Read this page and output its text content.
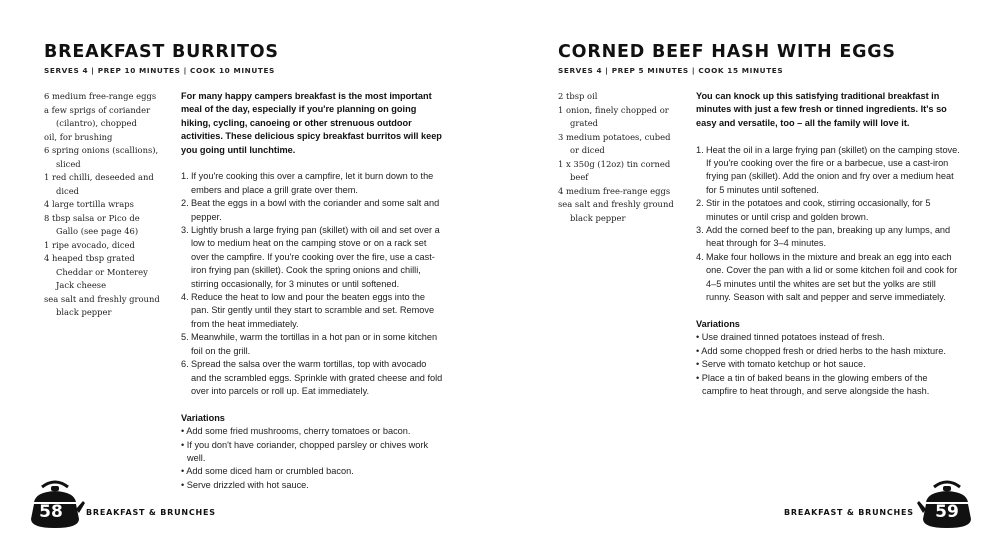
BREAKFAST BURRITOS

SERVES 4 | PREP 10 MINUTES | COOK 10 MINUTES

6 medium free-range eggs
a few sprigs of coriander (cilantro), chopped
oil, for brushing
6 spring onions (scallions), sliced
1 red chilli, deseeded and diced
4 large tortilla wraps
8 tbsp salsa or Pico de Gallo (see page 46)
1 ripe avocado, diced
4 heaped tbsp grated Cheddar or Monterey Jack cheese
sea salt and freshly ground black pepper

For many happy campers breakfast is the most important meal of the day, especially if you're planning on going hiking, cycling, canoeing or other strenuous outdoor activities. These delicious spicy breakfast burritos will keep you going until lunchtime.

1. If you're cooking this over a campfire, let it burn down to the embers and place a grill grate over them.
2. Beat the eggs in a bowl with the coriander and some salt and pepper.
3. Lightly brush a large frying pan (skillet) with oil and set over a low to medium heat on the camping stove or on a rack set over the campfire. If you're cooking over the fire, use a cast-iron frying pan (skillet). Cook the spring onions and chilli, stirring occasionally, for 3 minutes or until softened.
4. Reduce the heat to low and pour the beaten eggs into the pan. Stir gently until they start to scramble and set. Remove from the heat immediately.
5. Meanwhile, warm the tortillas in a hot pan or in some kitchen foil on the grill.
6. Spread the salsa over the warm tortillas, top with avocado and the scrambled eggs. Sprinkle with grated cheese and fold over into parcels or roll up. Eat immediately.

Variations

• Add some fried mushrooms, cherry tomatoes or bacon.
• If you don't have coriander, chopped parsley or chives work well.
• Add some diced ham or crumbled bacon.
• Serve drizzled with hot sauce.
58	BREAKFAST & BRUNCHES

CORNED BEEF HASH WITH EGGS

SERVES 4 | PREP 5 MINUTES | COOK 15 MINUTES

2 tbsp oil
1 onion, finely chopped or grated
3 medium potatoes, cubed or diced
1 x 350g (12oz) tin corned beef
4 medium free-range eggs
sea salt and freshly ground black pepper

You can knock up this satisfying traditional breakfast in minutes with just a few fresh or tinned ingredients. It's so easy and versatile, too – all the family will love it.

1. Heat the oil in a large frying pan (skillet) on the camping stove. If you're cooking over the fire or a barbecue, use a cast-iron frying pan (skillet). Add the onion and fry over a medium heat for 5 minutes until softened.
2. Stir in the potatoes and cook, stirring occasionally, for 5 minutes or until crisp and golden brown.
3. Add the corned beef to the pan, breaking up any lumps, and heat through for 3–4 minutes.
4. Make four hollows in the mixture and break an egg into each one. Cover the pan with a lid or some kitchen foil and cook for 4–5 minutes until the whites are set but the yolks are still runny. Season with salt and pepper and serve immediately.

Variations

• Use drained tinned potatoes instead of fresh.
• Add some chopped fresh or dried herbs to the hash mixture.
• Serve with tomato ketchup or hot sauce.
• Place a tin of baked beans in the glowing embers of the campfire to heat through, and serve alongside the hash.

BREAKFAST & BRUNCHES	59
